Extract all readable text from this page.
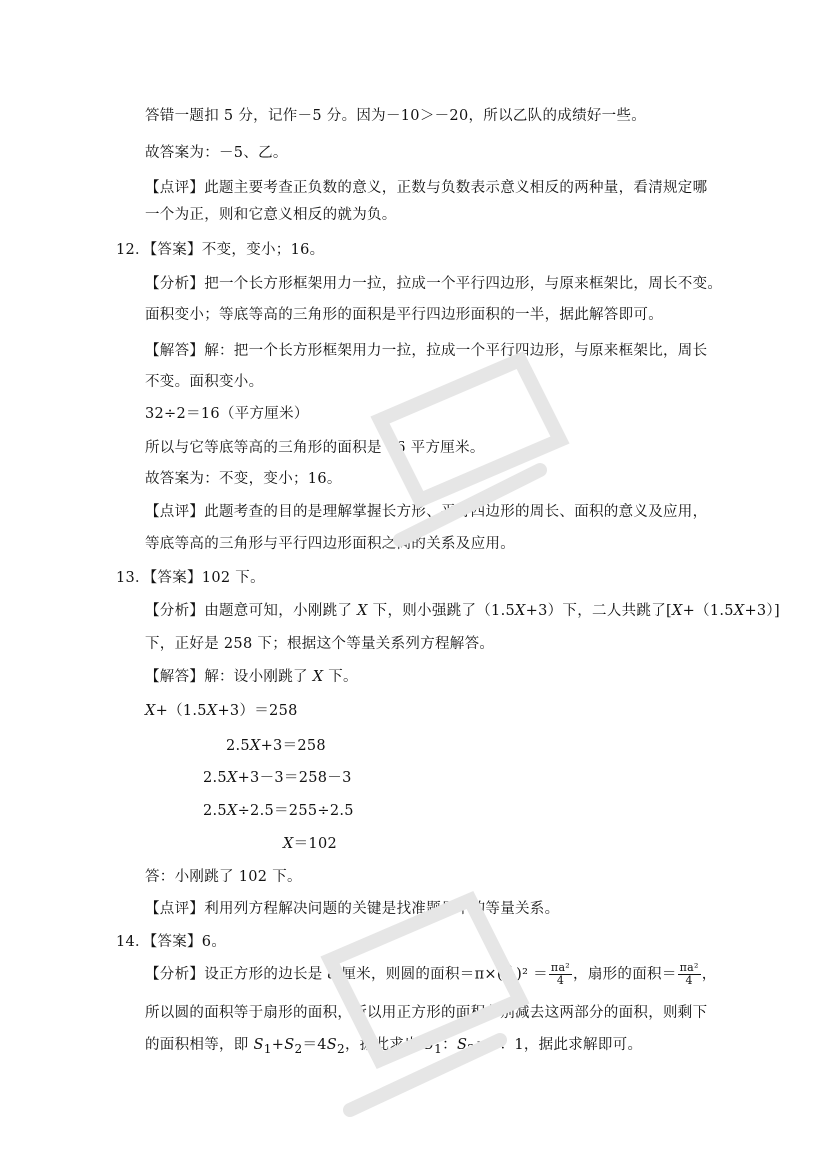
答错一题扣 5 分，记作－5 分。因为－10＞－20，所以乙队的成绩好一些。
故答案为：－5、乙。
【点评】此题主要考查正负数的意义，正数与负数表示意义相反的两种量，看清规定哪
一个为正，则和它意义相反的就为负。
12．【答案】不变，变小；16。
【分析】把一个长方形框架用力一拉，拉成一个平行四边形，与原来框架比，周长不变。
面积变小；等底等高的三角形的面积是平行四边形面积的一半，据此解答即可。
【解答】解：把一个长方形框架用力一拉，拉成一个平行四边形，与原来框架比，周长
不变。面积变小。
32÷2＝16（平方厘米）
所以与它等底等高的三角形的面积是 16 平方厘米。
故答案为：不变，变小；16。
【点评】此题考查的目的是理解掌握长方形、平行四边形的周长、面积的意义及应用，
等底等高的三角形与平行四边形面积之间的关系及应用。
13．【答案】102 下。
【分析】由题意可知，小刚跳了 X 下，则小强跳了（1.5X+3）下，二人共跳了[X+（1.5X+3）]
下，正好是 258 下；根据这个等量关系列方程解答。
【解答】解：设小刚跳了 X 下。
X+（1.5X+3）＝258
2.5X+3＝258
2.5X+3－3＝258－3
2.5X÷2.5＝255÷2.5
X＝102
答：小刚跳了 102 下。
【点评】利用列方程解决问题的关键是找准题目中的等量关系。
14．【答案】6。
【分析】设正方形的边长是 a 厘米，则圆的面积$=\pi\times( \frac{a}{2} )^2 = \frac{\text{πa²}}{4}$ ，扇形的面积＝ $\frac{\text{πa²}}{4}$ ，
所以圆的面积等于扇形的面积，所以用正方形的面积分别减去这两部分的面积，则剩下
的面积相等，即 $S_1+S_2=4S_2$，据此求出 $S_1$：$S_2=3$：1，据此求解即可。
